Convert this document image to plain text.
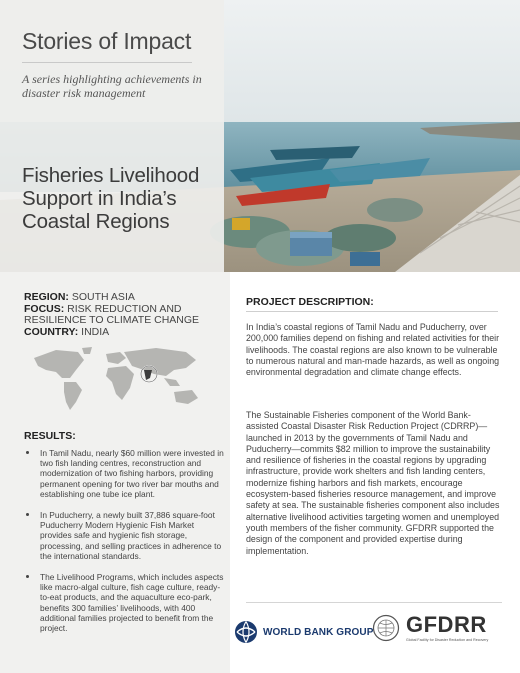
Stories of Impact
A series highlighting achievements in disaster risk management
Fisheries Livelihood Support in India’s Coastal Regions
REGION: SOUTH ASIA
FOCUS: RISK REDUCTION AND RESILIENCE TO CLIMATE CHANGE
COUNTRY: INDIA
RESULTS:
In Tamil Nadu, nearly $60 million were invested in two fish landing centres, reconstruction and modernization of two fishing harbors, providing permanent opening for two river bar mouths and establishing one tube ice plant.
In Puducherry, a newly built 37,886 square-foot Puducherry Modern Hygienic Fish Market provides safe and hygienic fish storage, processing, and selling practices in adherence to the international standards.
The Livelihood Programs, which includes aspects like macro-algal culture, fish cage culture, ready-to-eat products, and the aquaculture eco-park, benefits 300 families’ livelihoods, with 400 additional families projected to benefit from the project.
PROJECT DESCRIPTION:

In India’s coastal regions of Tamil Nadu and Puducherry, over 200,000 families depend on fishing and related activities for their livelihoods. The coastal regions are also known to be vulnerable to numerous natural and man-made hazards, as well as ongoing environmental degradation and climate change effects.

The Sustainable Fisheries component of the World Bank-assisted Coastal Disaster Risk Reduction Project (CDRRP)—launched in 2013 by the governments of Tamil Nadu and Puducherry—commits $82 million to improve the sustainability and resilience of fisheries in the coastal regions by upgrading infrastructure, provide work shelters and fish landing centers, modernize fishing harbors and fish markets, encourage ecosystem-based fisheries resource management, and improve safety at sea. The sustainable fisheries component also includes alternative livelihood activities targeting women and unemployed youth members of the fisher community. GFDRR supported the design of the component and provided expertise during implementation.

WORLD BANK GROUP GFDRR
Global Facility for Disaster Reduction and Recovery
